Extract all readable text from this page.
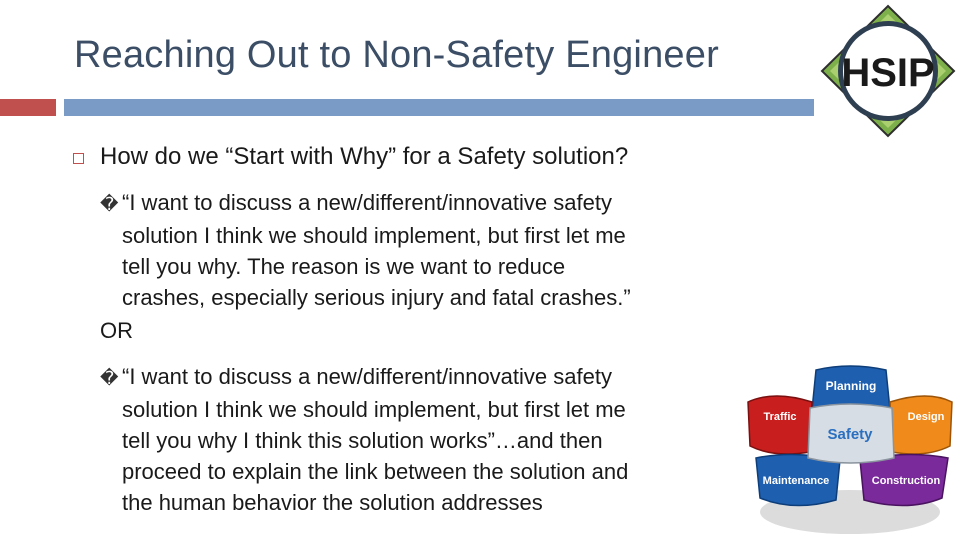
Reaching Out to Non-Safety Engineer	HSIP
How do we “Start with Why” for a Safety solution?
� “I want to discuss a new/different/innovative safety
solution I think we should implement, but first let me
tell you why. The reason is we want to reduce
crashes, especially serious injury and fatal crashes.”
OR
� “I want to discuss a new/different/innovative safety
solution I think we should implement, but first let me
tell you why I think this solution works”…and then
proceed to explain the link between the solution and
the human behavior the solution addresses
Planning
Traffic	Design
Safety
Maintenance	Construction
